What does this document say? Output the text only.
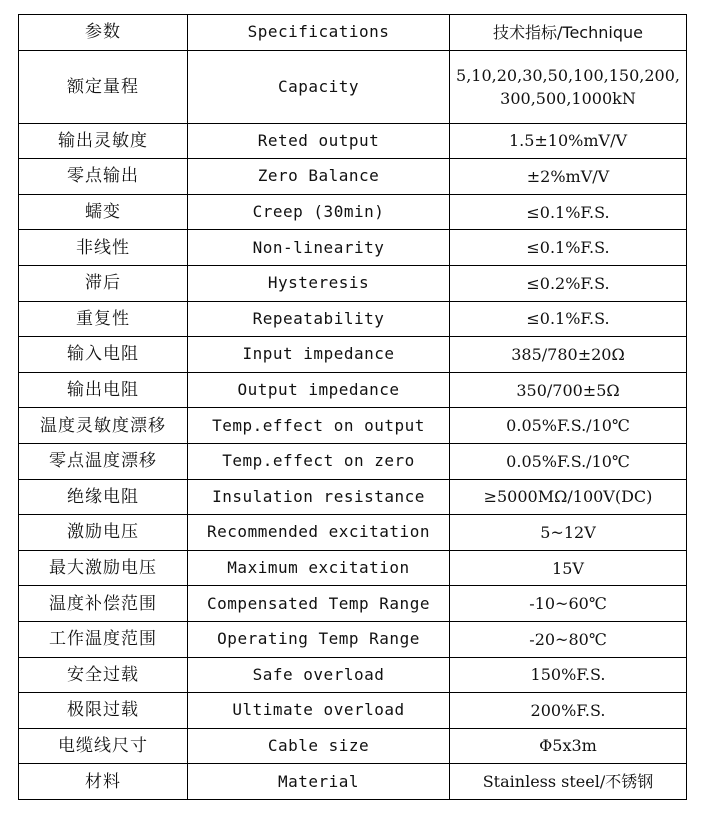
参数	Specifications	技术指标/Technique
额定量程	Capacity	5,10,20,30,50,100,150,200,300,500,1000kN
输出灵敏度	Reted output	1.5±10%mV/V
零点输出	Zero Balance	±2%mV/V
蠕变	Creep (30min)	≤0.1%F.S.
非线性	Non-linearity	≤0.1%F.S.
滞后	Hysteresis	≤0.2%F.S.
重复性	Repeatability	≤0.1%F.S.
输入电阻	Input impedance	385/780±20Ω
输出电阻	Output impedance	350/700±5Ω
温度灵敏度漂移	Temp.effect on output	0.05%F.S./10℃
零点温度漂移	Temp.effect on zero	0.05%F.S./10℃
绝缘电阻	Insulation resistance	≥5000MΩ/100V(DC)
激励电压	Recommended excitation	5~12V
最大激励电压	Maximum excitation	15V
温度补偿范围	Compensated Temp Range	-10~60℃
工作温度范围	Operating Temp Range	-20~80℃
安全过载	Safe overload	150%F.S.
极限过载	Ultimate overload	200%F.S.
电缆线尺寸	Cable size	Φ5x3m
材料	Material	Stainless steel/不锈钢
